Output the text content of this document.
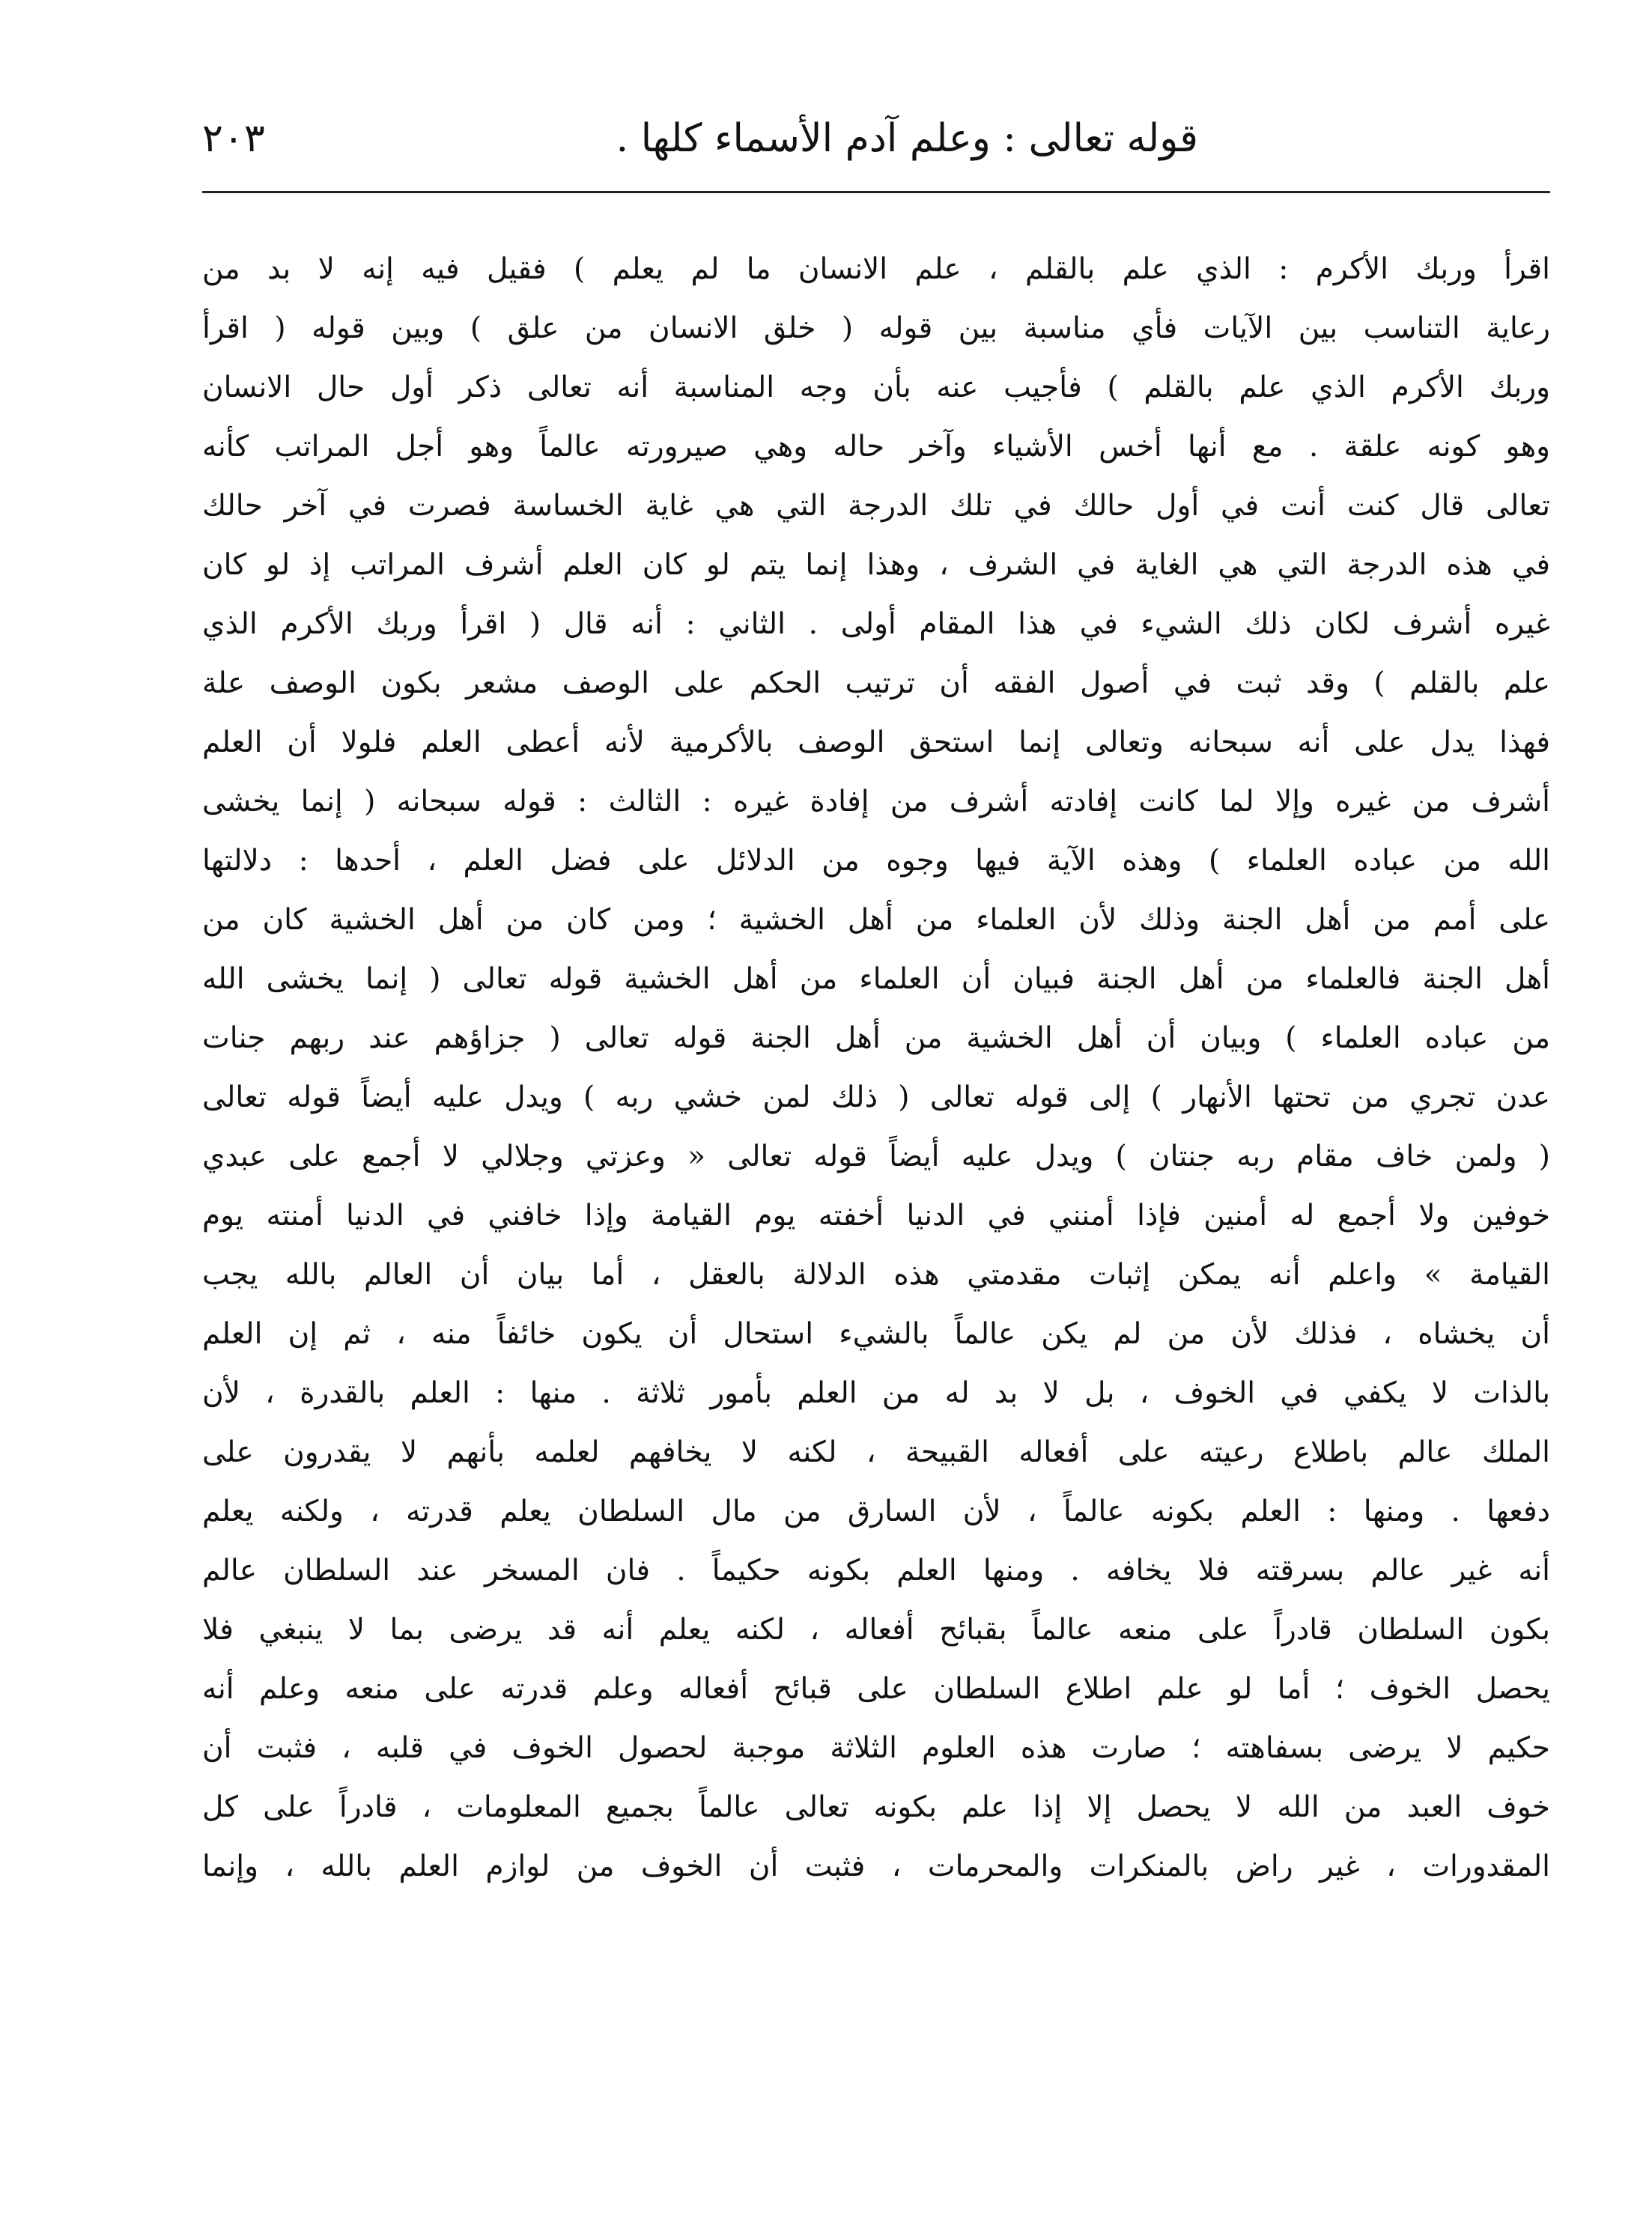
قوله تعالى : وعلم آدم الأسماء كلها .
٢٠٣
اقرأ وربك الأكرم : الذي علم بالقلم ، علم الانسان ما لم يعلم ) فقيل فيه إنه لا بد من
رعاية التناسب بين الآيات فأي مناسبة بين قوله ( خلق الانسان من علق ) وبين قوله ( اقرأ
وربك الأكرم الذي علم بالقلم ) فأجيب عنه بأن وجه المناسبة أنه تعالى ذكر أول حال الانسان
وهو كونه علقة . مع أنها أخس الأشياء وآخر حاله وهي صيرورته عالماً وهو أجل المراتب كأنه
تعالى قال كنت أنت في أول حالك في تلك الدرجة التي هي غاية الخساسة فصرت في آخر حالك
في هذه الدرجة التي هي الغاية في الشرف ، وهذا إنما يتم لو كان العلم أشرف المراتب إذ لو كان
غيره أشرف لكان ذلك الشيء في هذا المقام أولى . الثاني : أنه قال ( اقرأ وربك الأكرم الذي
علم بالقلم ) وقد ثبت في أصول الفقه أن ترتيب الحكم على الوصف مشعر بكون الوصف علة
فهذا يدل على أنه سبحانه وتعالى إنما استحق الوصف بالأكرمية لأنه أعطى العلم فلولا أن العلم
أشرف من غيره وإلا لما كانت إفادته أشرف من إفادة غيره : الثالث : قوله سبحانه ( إنما يخشى
الله من عباده العلماء ) وهذه الآية فيها وجوه من الدلائل على فضل العلم ، أحدها : دلالتها
على أمم من أهل الجنة وذلك لأن العلماء من أهل الخشية ؛ ومن كان من أهل الخشية كان من
أهل الجنة فالعلماء من أهل الجنة فبيان أن العلماء من أهل الخشية قوله تعالى ( إنما يخشى الله
من عباده العلماء ) وبيان أن أهل الخشية من أهل الجنة قوله تعالى ( جزاؤهم عند ربهم جنات
عدن تجري من تحتها الأنهار ) إلى قوله تعالى ( ذلك لمن خشي ربه ) ويدل عليه أيضاً قوله تعالى
( ولمن خاف مقام ربه جنتان ) ويدل عليه أيضاً قوله تعالى « وعزتي وجلالي لا أجمع على عبدي
خوفين ولا أجمع له أمنين فإذا أمنني في الدنيا أخفته يوم القيامة وإذا خافني في الدنيا أمنته يوم
القيامة » واعلم أنه يمكن إثبات مقدمتي هذه الدلالة بالعقل ، أما بيان أن العالم بالله يجب
أن يخشاه ، فذلك لأن من لم يكن عالماً بالشيء استحال أن يكون خائفاً منه ، ثم إن العلم
بالذات لا يكفي في الخوف ، بل لا بد له من العلم بأمور ثلاثة . منها : العلم بالقدرة ، لأن
الملك عالم باطلاع رعيته على أفعاله القبيحة ، لكنه لا يخافهم لعلمه بأنهم لا يقدرون على
دفعها . ومنها : العلم بكونه عالماً ، لأن السارق من مال السلطان يعلم قدرته ، ولكنه يعلم
أنه غير عالم بسرقته فلا يخافه . ومنها العلم بكونه حكيماً . فان المسخر عند السلطان عالم
بكون السلطان قادراً على منعه عالماً بقبائح أفعاله ، لكنه يعلم أنه قد يرضى بما لا ينبغي فلا
يحصل الخوف ؛ أما لو علم اطلاع السلطان على قبائح أفعاله وعلم قدرته على منعه وعلم أنه
حكيم لا يرضى بسفاهته ؛ صارت هذه العلوم الثلاثة موجبة لحصول الخوف في قلبه ، فثبت أن
خوف العبد من الله لا يحصل إلا إذا علم بكونه تعالى عالماً بجميع المعلومات ، قادراً على كل
المقدورات ، غير راض بالمنكرات والمحرمات ، فثبت أن الخوف من لوازم العلم بالله ، وإنما
